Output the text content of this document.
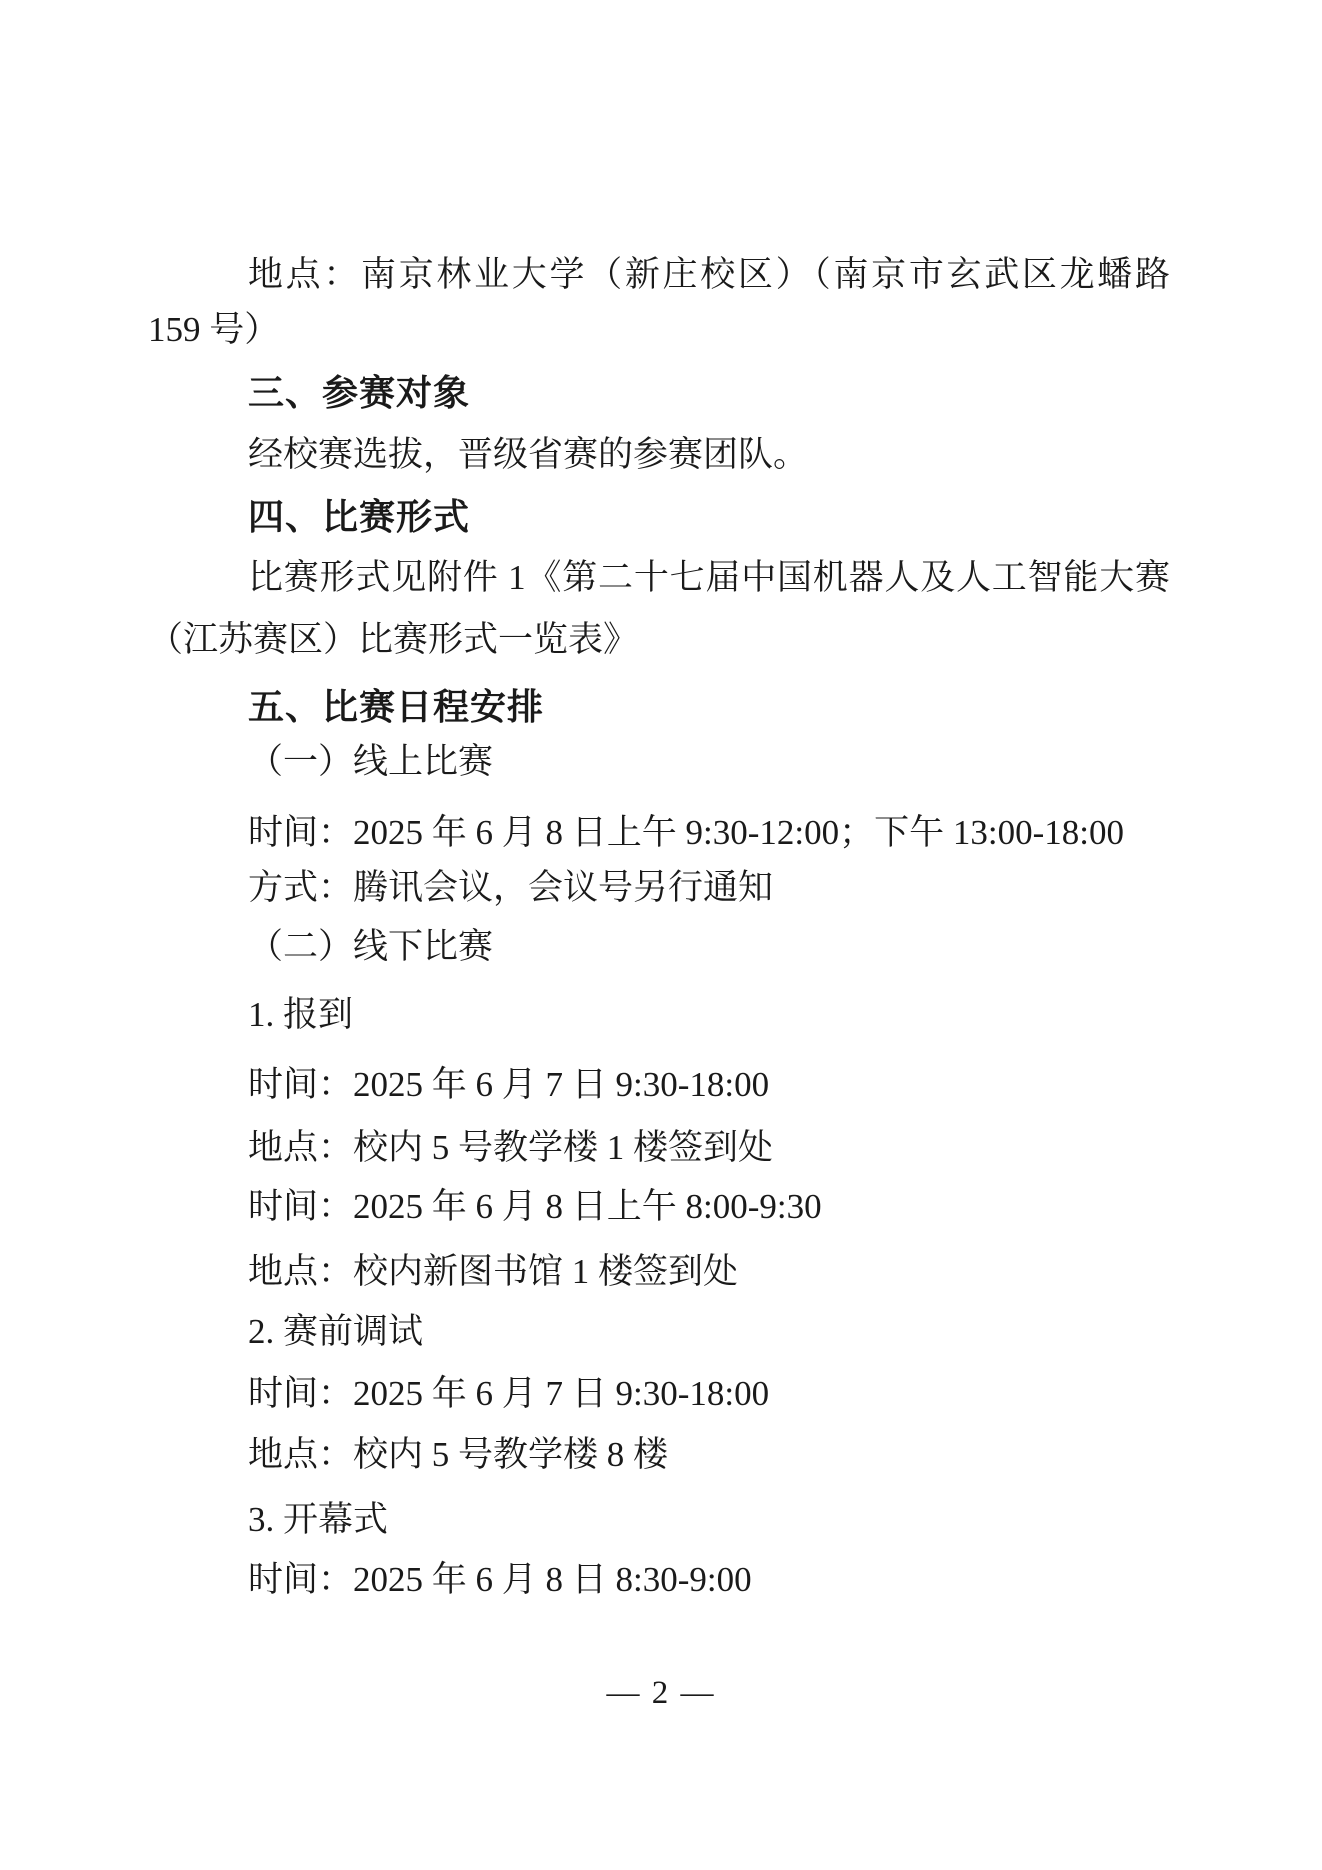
地点：南京林业大学（新庄校区）（南京市玄武区龙蟠路
159 号）
三、参赛对象
经校赛选拔，晋级省赛的参赛团队。
四、比赛形式
比赛形式见附件 1《第二十七届中国机器人及人工智能大赛
（江苏赛区）比赛形式一览表》
五、比赛日程安排
（一）线上比赛
时间：2025 年 6 月 8 日上午 9:30-12:00；下午 13:00-18:00
方式：腾讯会议，会议号另行通知
（二）线下比赛
1. 报到
时间：2025 年 6 月 7 日 9:30-18:00
地点：校内 5 号教学楼 1 楼签到处
时间：2025 年 6 月 8 日上午 8:00-9:30
地点：校内新图书馆 1 楼签到处
2. 赛前调试
时间：2025 年 6 月 7 日 9:30-18:00
地点：校内 5 号教学楼 8 楼
3. 开幕式
时间：2025 年 6 月 8 日 8:30-9:00
— 2 —
